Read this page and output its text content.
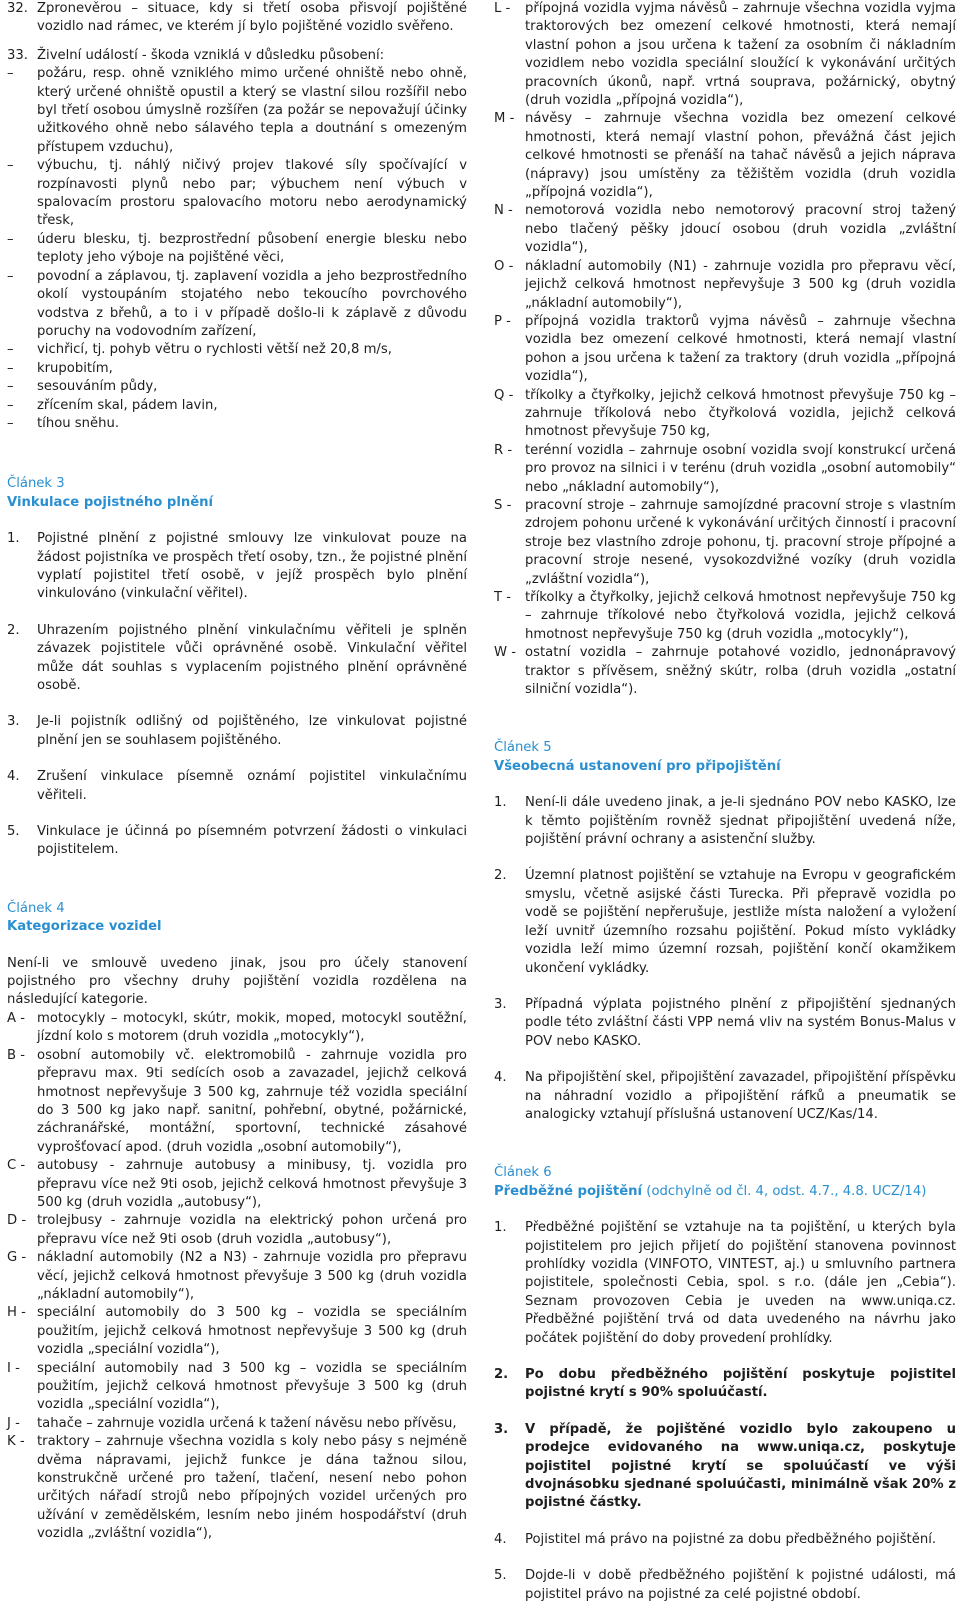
32. Zpronevěrou – situace, kdy si třetí osoba přisvojí pojištěné vozidlo nad rámec, ve kterém jí bylo pojištěné vozidlo svěřeno.
33. Živelní událostí - škoda vzniklá v důsledku působení:
–	požáru, resp. ohně vzniklého mimo určené ohniště nebo ohně, který určené ohniště opustil a který se vlastní silou rozšířil nebo byl třetí osobou úmyslně rozšířen (za požár se nepovažují účinky užitkového ohně nebo sálavého tepla a doutnání s omezeným přístupem vzduchu),
–	výbuchu, tj. náhlý ničivý projev tlakové síly spočívající v rozpínavosti plynů nebo par; výbuchem není výbuch v spalovacím prostoru spalovacího motoru nebo aerodynamický třesk,
–	úderu blesku, tj. bezprostřední působení energie blesku nebo teploty jeho výboje na pojištěné věci,
–	povodní a záplavou, tj. zaplavení vozidla a jeho bezprostředního okolí vystoupáním stojatého nebo tekoucího povrchového vodstva z břehů, a to i v případě došlo-li k záplavě z důvodu poruchy na vodovodním zařízení,
–	vichřicí, tj. pohyb větru o rychlosti větší než 20,8 m/s,
–	krupobitím,
–	sesouváním půdy,
–	zřícením skal, pádem lavin,
–	tíhou sněhu.
Článek 3
Vinkulace pojistného plnění
1.	Pojistné plnění z pojistné smlouvy lze vinkulovat pouze na žádost pojistníka ve prospěch třetí osoby, tzn., že pojistné plnění vyplatí pojistitel třetí osobě, v jejíž prospěch bylo plnění vinkulováno (vinkulační věřitel).
2.	Uhrazením pojistného plnění vinkulačnímu věřiteli je splněn závazek pojistitele vůči oprávněné osobě. Vinkulační věřitel může dát souhlas s vyplacením pojistného plnění oprávněné osobě.
3.	Je-li pojistník odlišný od pojištěného, lze vinkulovat pojistné plnění jen se souhlasem pojištěného.
4.	Zrušení vinkulace písemně oznámí pojistitel vinkulačnímu věřiteli.
5.	Vinkulace je účinná po písemném potvrzení žádosti o vinkulaci pojistitelem.
Článek 4
Kategorizace vozidel

Není-li ve smlouvě uvedeno jinak, jsou pro účely stanovení pojistného pro všechny druhy pojištění vozidla rozdělena na následující kategorie.

A - motocykly – motocykl, skútr, mokik, moped, motocykl soutěžní, jízdní kolo s motorem (druh vozidla „motocykly“),
B - osobní automobily vč. elektromobilů - zahrnuje vozidla pro přepravu max. 9ti sedících osob a zavazadel, jejichž celková hmotnost nepřevyšuje 3 500 kg, zahrnuje též vozidla speciální do 3 500 kg jako např. sanitní, pohřební, obytné, požárnické, záchranářské, montážní, sportovní, technické zásahové vyprošťovací apod. (druh vozidla „osobní automobily“),
C - autobusy - zahrnuje autobusy a minibusy, tj. vozidla pro přepravu více než 9ti osob, jejichž celková hmotnost převyšuje 3 500 kg (druh vozidla „autobusy“),
D - trolejbusy - zahrnuje vozidla na elektrický pohon určená pro přepravu více než 9ti osob (druh vozidla „autobusy“),
G - nákladní automobily (N2 a N3) - zahrnuje vozidla pro přepravu věcí, jejichž celková hmotnost převyšuje 3 500 kg (druh vozidla „nákladní automobily“),
H - speciální automobily do 3 500 kg – vozidla se speciálním použitím, jejichž celková hmotnost nepřevyšuje 3 500 kg (druh vozidla „speciální vozidla“),
I -	speciální automobily nad 3 500 kg – vozidla se speciálním použitím, jejichž celková hmotnost převyšuje 3 500 kg (druh vozidla „speciální vozidla“),
J -	tahače – zahrnuje vozidla určená k tažení návěsu nebo přívěsu,
K - traktory – zahrnuje všechna vozidla s koly nebo pásy s nejméně dvěma nápravami, jejichž funkce je dána tažnou silou, konstrukčně určené pro tažení, tlačení, nesení nebo pohon určitých nářadí strojů nebo přípojných vozidel určených pro užívání v zemědělském, lesním nebo jiném hospodářství (druh vozidla „zvláštní vozidla“),
L -	přípojná vozidla vyjma návěsů – zahrnuje všechna vozidla vyjma traktorových bez omezení celkové hmotnosti, která nemají vlastní pohon a jsou určena k tažení za osobním či nákladním vozidlem nebo vozidla speciální sloužící k vykonávání určitých pracovních úkonů, např. vrtná souprava, požárnický, obytný (druh vozidla „přípojná vozidla“),
M - návěsy – zahrnuje všechna vozidla bez omezení celkové hmotnosti, která nemají vlastní pohon, převážná část jejich celkové hmotnosti se přenáší na tahač návěsů a jejich náprava (nápravy) jsou umístěny za těžištěm vozidla (druh vozidla „přípojná vozidla“),
N - nemotorová vozidla nebo nemotorový pracovní stroj tažený nebo tlačený pěšky jdoucí osobou (druh vozidla „zvláštní vozidla“),
O - nákladní automobily (N1) - zahrnuje vozidla pro přepravu věcí, jejichž celková hmotnost nepřevyšuje 3 500 kg (druh vozidla „nákladní automobily“),
P -	přípojná vozidla traktorů vyjma návěsů – zahrnuje všechna vozidla bez omezení celkové hmotnosti, která nemají vlastní pohon a jsou určena k tažení za traktory (druh vozidla „přípojná vozidla“),
Q - tříkolky a čtyřkolky, jejichž celková hmotnost převyšuje 750 kg – zahrnuje tříkolová nebo čtyřkolová vozidla, jejichž celková hmotnost převyšuje 750 kg,
R - terénní vozidla – zahrnuje osobní vozidla svojí konstrukcí určená pro provoz na silnici i v terénu (druh vozidla „osobní automobily“ nebo „nákladní automobily“),
S -	pracovní stroje – zahrnuje samojízdné pracovní stroje s vlastním zdrojem pohonu určené k vykonávání určitých činností i pracovní stroje bez vlastního zdroje pohonu, tj. pracovní stroje přípojné a pracovní stroje nesené, vysokozdvižné vozíky (druh vozidla „zvláštní vozidla“),
T -	tříkolky a čtyřkolky, jejichž celková hmotnost nepřevyšuje 750 kg – zahrnuje tříkolové nebo čtyřkolová vozidla, jejichž celková hmotnost nepřevyšuje 750 kg (druh vozidla „motocykly“),
W - ostatní vozidla – zahrnuje potahové vozidlo, jednonápravový traktor s přívěsem, sněžný skútr, rolba (druh vozidla „ostatní silniční vozidla“).
Článek 5
Všeobecná ustanovení pro připojištění
1.	Není-li dále uvedeno jinak, a je-li sjednáno POV nebo KASKO, lze k těmto pojištěním rovněž sjednat připojištění uvedená níže, pojištění právní ochrany a asistenční služby.
2.	Územní platnost pojištění se vztahuje na Evropu v geografickém smyslu, včetně asijské části Turecka. Při přepravě vozidla po vodě se pojištění nepřerušuje, jestliže místa naložení a vyložení leží uvnitř územního rozsahu pojištění. Pokud místo vykládky vozidla leží mimo územní rozsah, pojištění končí okamžikem ukončení vykládky.
3.	Případná výplata pojistného plnění z připojištění sjednaných podle této zvláštní části VPP nemá vliv na systém Bonus-Malus v POV nebo KASKO.
4.	Na připojištění skel, připojištění zavazadel, připojištění příspěvku na náhradní vozidlo a připojištění ráfků a pneumatik se analogicky vztahují příslušná ustanovení UCZ/Kas/14.
Článek 6
Předběžné pojištění (odchylně od čl. 4, odst. 4.7., 4.8. UCZ/14)
1.	Předběžné pojištění se vztahuje na ta pojištění, u kterých byla pojistitelem pro jejich přijetí do pojištění stanovena povinnost prohlídky vozidla (VINFOTO, VINTEST, aj.) u smluvního partnera pojistitele, společnosti Cebia, spol. s r.o. (dále jen „Cebia“). Seznam provozoven Cebia je uveden na www.uniqa.cz. Předběžné pojištění trvá od data uvedeného na návrhu jako počátek pojištění do doby provedení prohlídky.
2.	Po dobu předběžného pojištění poskytuje pojistitel pojistné krytí s 90% spoluúčastí.
3.	V případě, že pojištěné vozidlo bylo zakoupeno u prodejce evidovaného na www.uniqa.cz, poskytuje pojistitel pojistné krytí se spoluúčastí ve výši dvojnásobku sjednané spoluúčasti, minimálně však 20% z pojistné částky.
4.	Pojistitel má právo na pojistné za dobu předběžného pojištění.
5.	Dojde-li v době předběžného pojištění k pojistné události, má pojistitel právo na pojistné za celé pojistné období.
